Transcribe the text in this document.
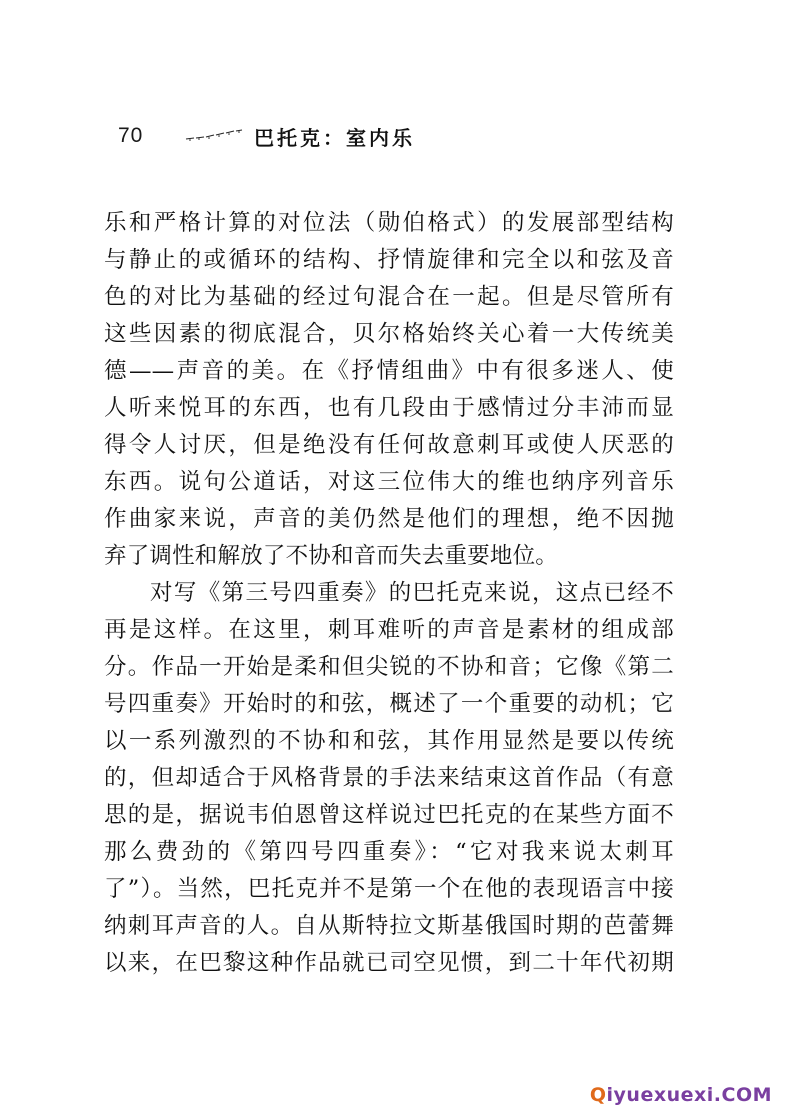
70	巴托克：室内乐
乐和严格计算的对位法（勋伯格式）的发展部型结构
与静止的或循环的结构、抒情旋律和完全以和弦及音
色的对比为基础的经过句混合在一起。但是尽管所有
这些因素的彻底混合，贝尔格始终关心着一大传统美
德——声音的美。在《抒情组曲》中有很多迷人、使
人听来悦耳的东西，也有几段由于感情过分丰沛而显
得令人讨厌，但是绝没有任何故意刺耳或使人厌恶的
东西。说句公道话，对这三位伟大的维也纳序列音乐
作曲家来说，声音的美仍然是他们的理想，绝不因抛
弃了调性和解放了不协和音而失去重要地位。
对写《第三号四重奏》的巴托克来说，这点已经不
再是这样。在这里，刺耳难听的声音是素材的组成部
分。作品一开始是柔和但尖锐的不协和音；它像《第二
号四重奏》开始时的和弦，概述了一个重要的动机；它
以一系列激烈的不协和和弦，其作用显然是要以传统
的，但却适合于风格背景的手法来结束这首作品（有意
思的是，据说韦伯恩曾这样说过巴托克的在某些方面不
那么费劲的《第四号四重奏》：“它对我来说太刺耳
了”）。当然，巴托克并不是第一个在他的表现语言中接
纳刺耳声音的人。自从斯特拉文斯基俄国时期的芭蕾舞
以来，在巴黎这种作品就已司空见惯，到二十年代初期
Q iyuexuexi.COM
